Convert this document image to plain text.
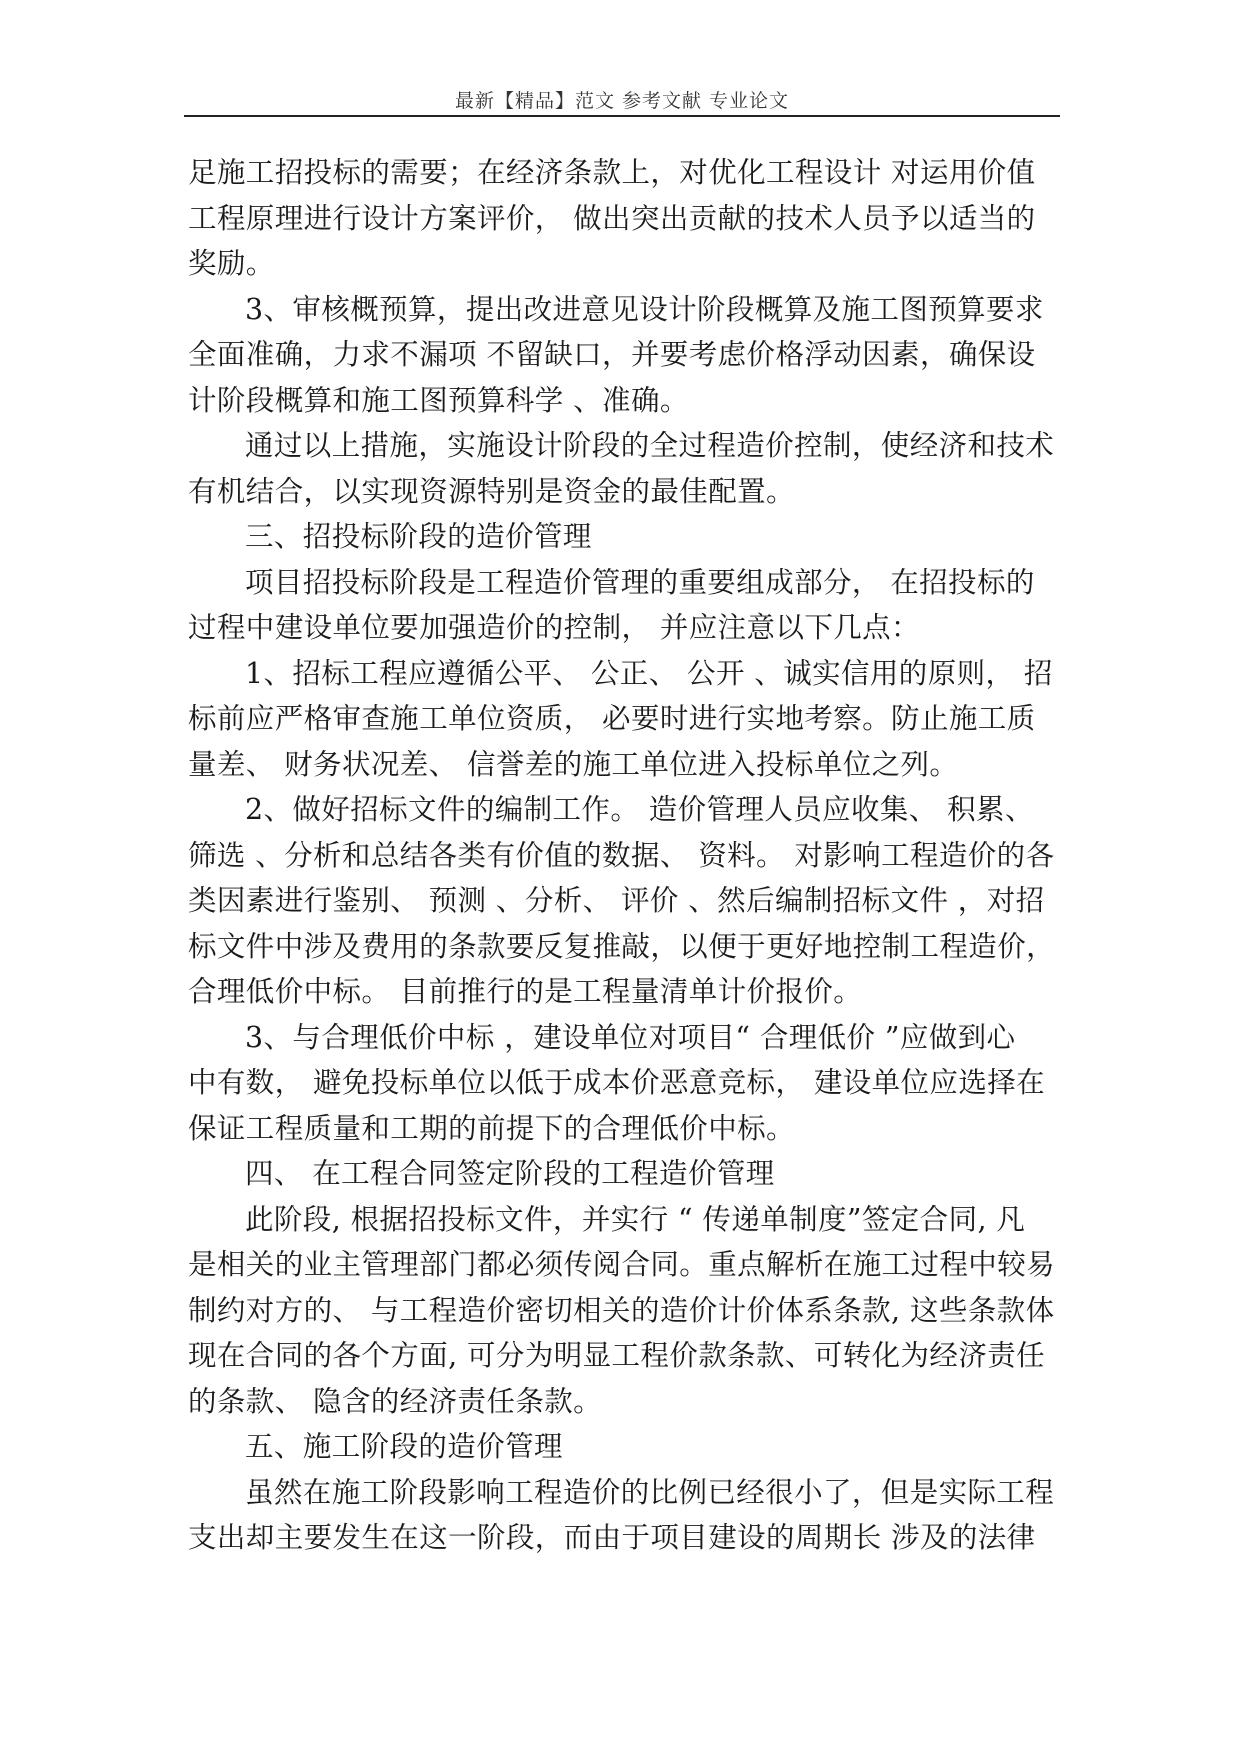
最新【精品】范文 参考文献 专业论文
足施工招投标的需要；在经济条款上，对优化工程设计 对运用价值
工程原理进行设计方案评价， 做出突出贡献的技术人员予以适当的
奖励。
3、审核概预算，提出改进意见设计阶段概算及施工图预算要求
全面准确，力求不漏项 不留缺口，并要考虑价格浮动因素，确保设
计阶段概算和施工图预算科学 、准确。
通过以上措施，实施设计阶段的全过程造价控制，使经济和技术
有机结合，以实现资源特别是资金的最佳配置。
三、招投标阶段的造价管理
项目招投标阶段是工程造价管理的重要组成部分， 在招投标的
过程中建设单位要加强造价的控制， 并应注意以下几点：
1、招标工程应遵循公平、 公正、 公开 、诚实信用的原则， 招
标前应严格审查施工单位资质， 必要时进行实地考察。防止施工质
量差、 财务状况差、 信誉差的施工单位进入投标单位之列。
2、做好招标文件的编制工作。 造价管理人员应收集、 积累、
筛选 、分析和总结各类有价值的数据、 资料。 对影响工程造价的各
类因素进行鉴别、 预测 、分析、 评价 、然后编制招标文件 ，对招
标文件中涉及费用的条款要反复推敲，以便于更好地控制工程造价，
合理低价中标。 目前推行的是工程量清单计价报价。
3、与合理低价中标 ，建设单位对项目“ 合理低价 ”应做到心
中有数， 避免投标单位以低于成本价恶意竞标， 建设单位应选择在
保证工程质量和工期的前提下的合理低价中标。
四、 在工程合同签定阶段的工程造价管理
此阶段, 根据招投标文件，并实行 “ 传递单制度”签定合同, 凡
是相关的业主管理部门都必须传阅合同。重点解析在施工过程中较易
制约对方的、 与工程造价密切相关的造价计价体系条款, 这些条款体
现在合同的各个方面, 可分为明显工程价款条款、可转化为经济责任
的条款、 隐含的经济责任条款。
五、施工阶段的造价管理
虽然在施工阶段影响工程造价的比例已经很小了，但是实际工程
支出却主要发生在这一阶段，而由于项目建设的周期长 涉及的法律
